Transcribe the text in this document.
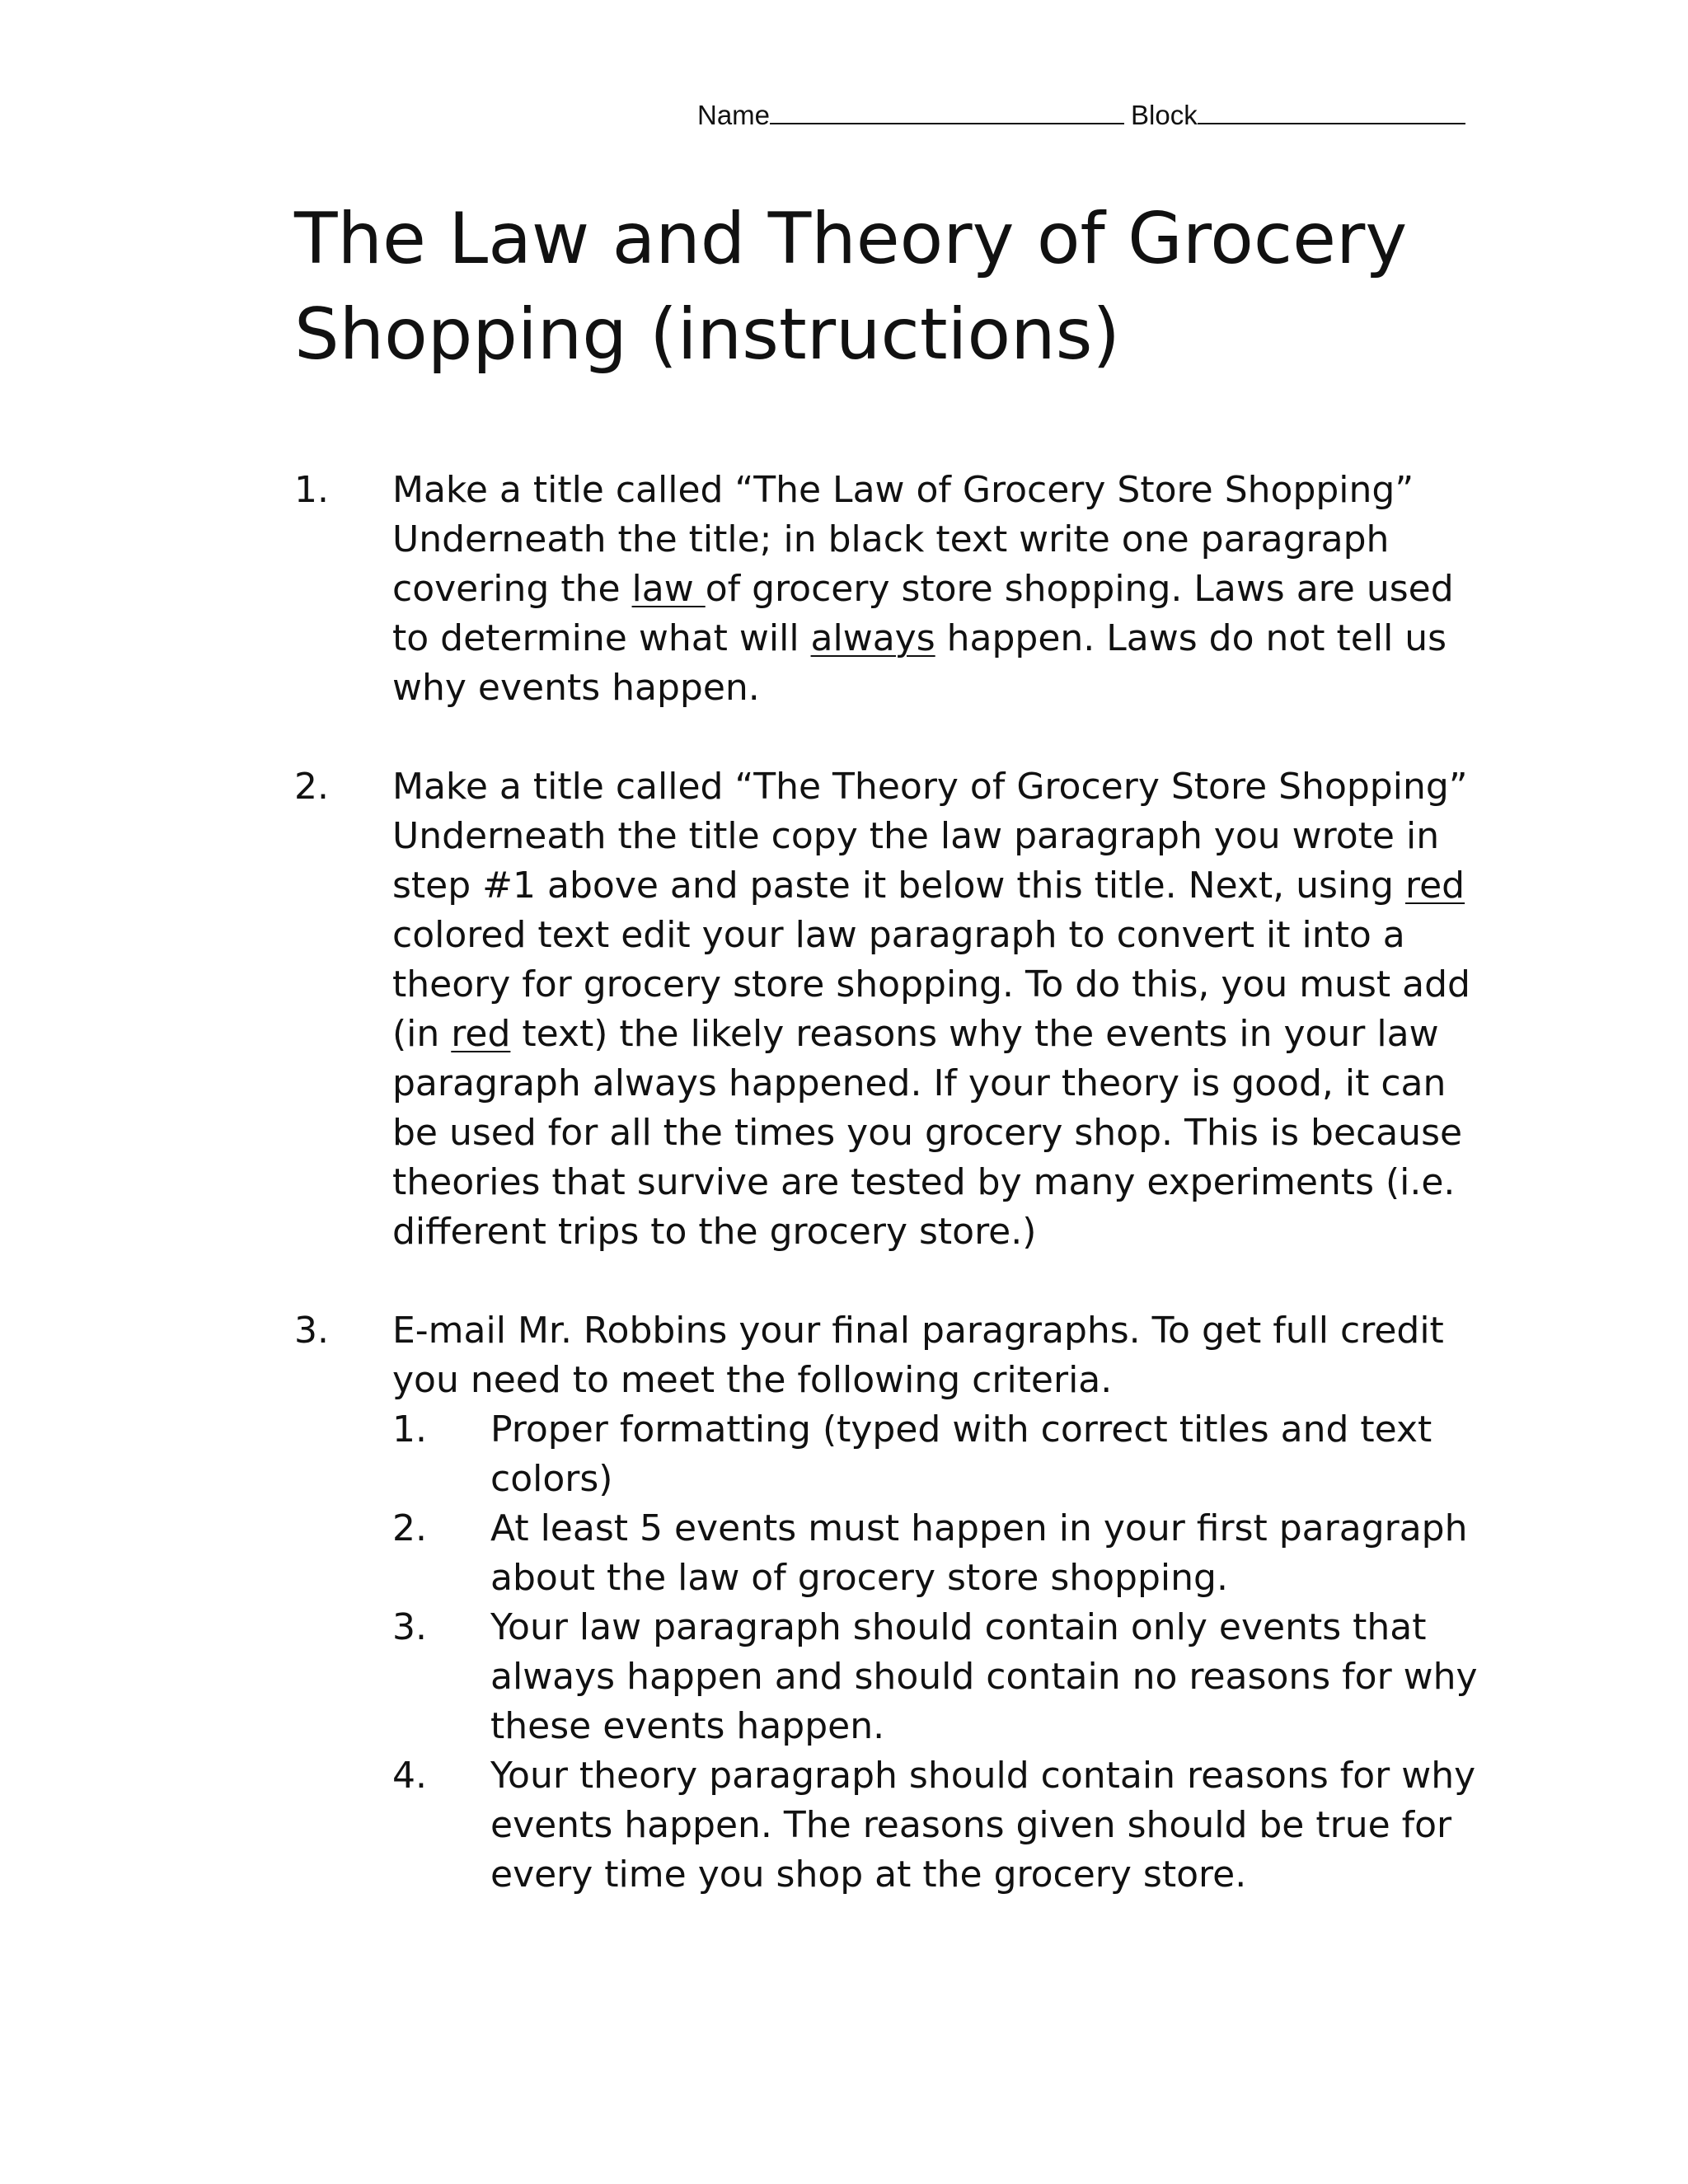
Name	Block
The Law and Theory of Grocery
Shopping (instructions)
1. Make a title called “The Law of Grocery Store Shopping” Underneath the title; in black text write one paragraph covering the law of grocery store shopping. Laws are used to determine what will always happen. Laws do not tell us why events happen.
2. Make a title called “The Theory of Grocery Store Shopping” Underneath the title copy the law paragraph you wrote in step #1 above and paste it below this title. Next, using red colored text edit your law paragraph to convert it into a theory for grocery store shopping. To do this, you must add (in red text) the likely reasons why the events in your law paragraph always happened. If your theory is good, it can be used for all the times you grocery shop. This is because theories that survive are tested by many experiments (i.e. different trips to the grocery store.)
3. E-mail Mr. Robbins your final paragraphs. To get full credit you need to meet the following criteria.
1. Proper formatting (typed with correct titles and text colors)
2. At least 5 events must happen in your first paragraph about the law of grocery store shopping.
3. Your law paragraph should contain only events that always happen and should contain no reasons for why these events happen.
4. Your theory paragraph should contain reasons for why events happen. The reasons given should be true for every time you shop at the grocery store.
